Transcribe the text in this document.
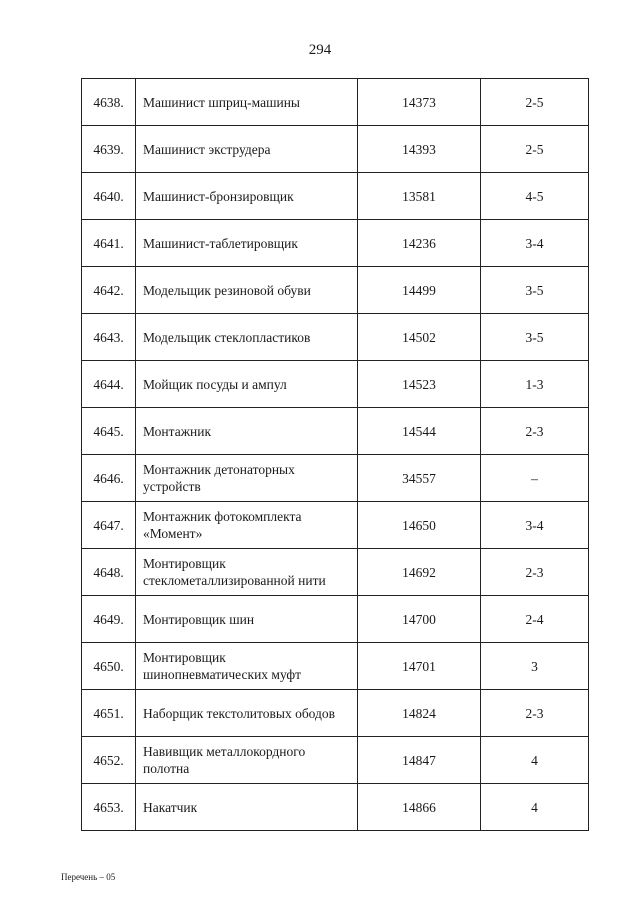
294
4638.	Машинист шприц-машины	14373	2-5
4639.	Машинист экструдера	14393	2-5
4640.	Машинист-бронзировщик	13581	4-5
4641.	Машинист-таблетировщик	14236	3-4
4642.	Модельщик резиновой обуви	14499	3-5
4643.	Модельщик стеклопластиков	14502	3-5
4644.	Мойщик посуды и ампул	14523	1-3
4645.	Монтажник	14544	2-3
4646.	Монтажник детонаторных устройств	34557	–
4647.	Монтажник фотокомплекта «Момент»	14650	3-4
4648.	Монтировщик стеклометаллизированной нити	14692	2-3
4649.	Монтировщик шин	14700	2-4
4650.	Монтировщик шинопневматических муфт	14701	3
4651.	Наборщик текстолитовых ободов	14824	2-3
4652.	Навивщик металлокордного полотна	14847	4
4653.	Накатчик	14866	4
Перечень – 05
